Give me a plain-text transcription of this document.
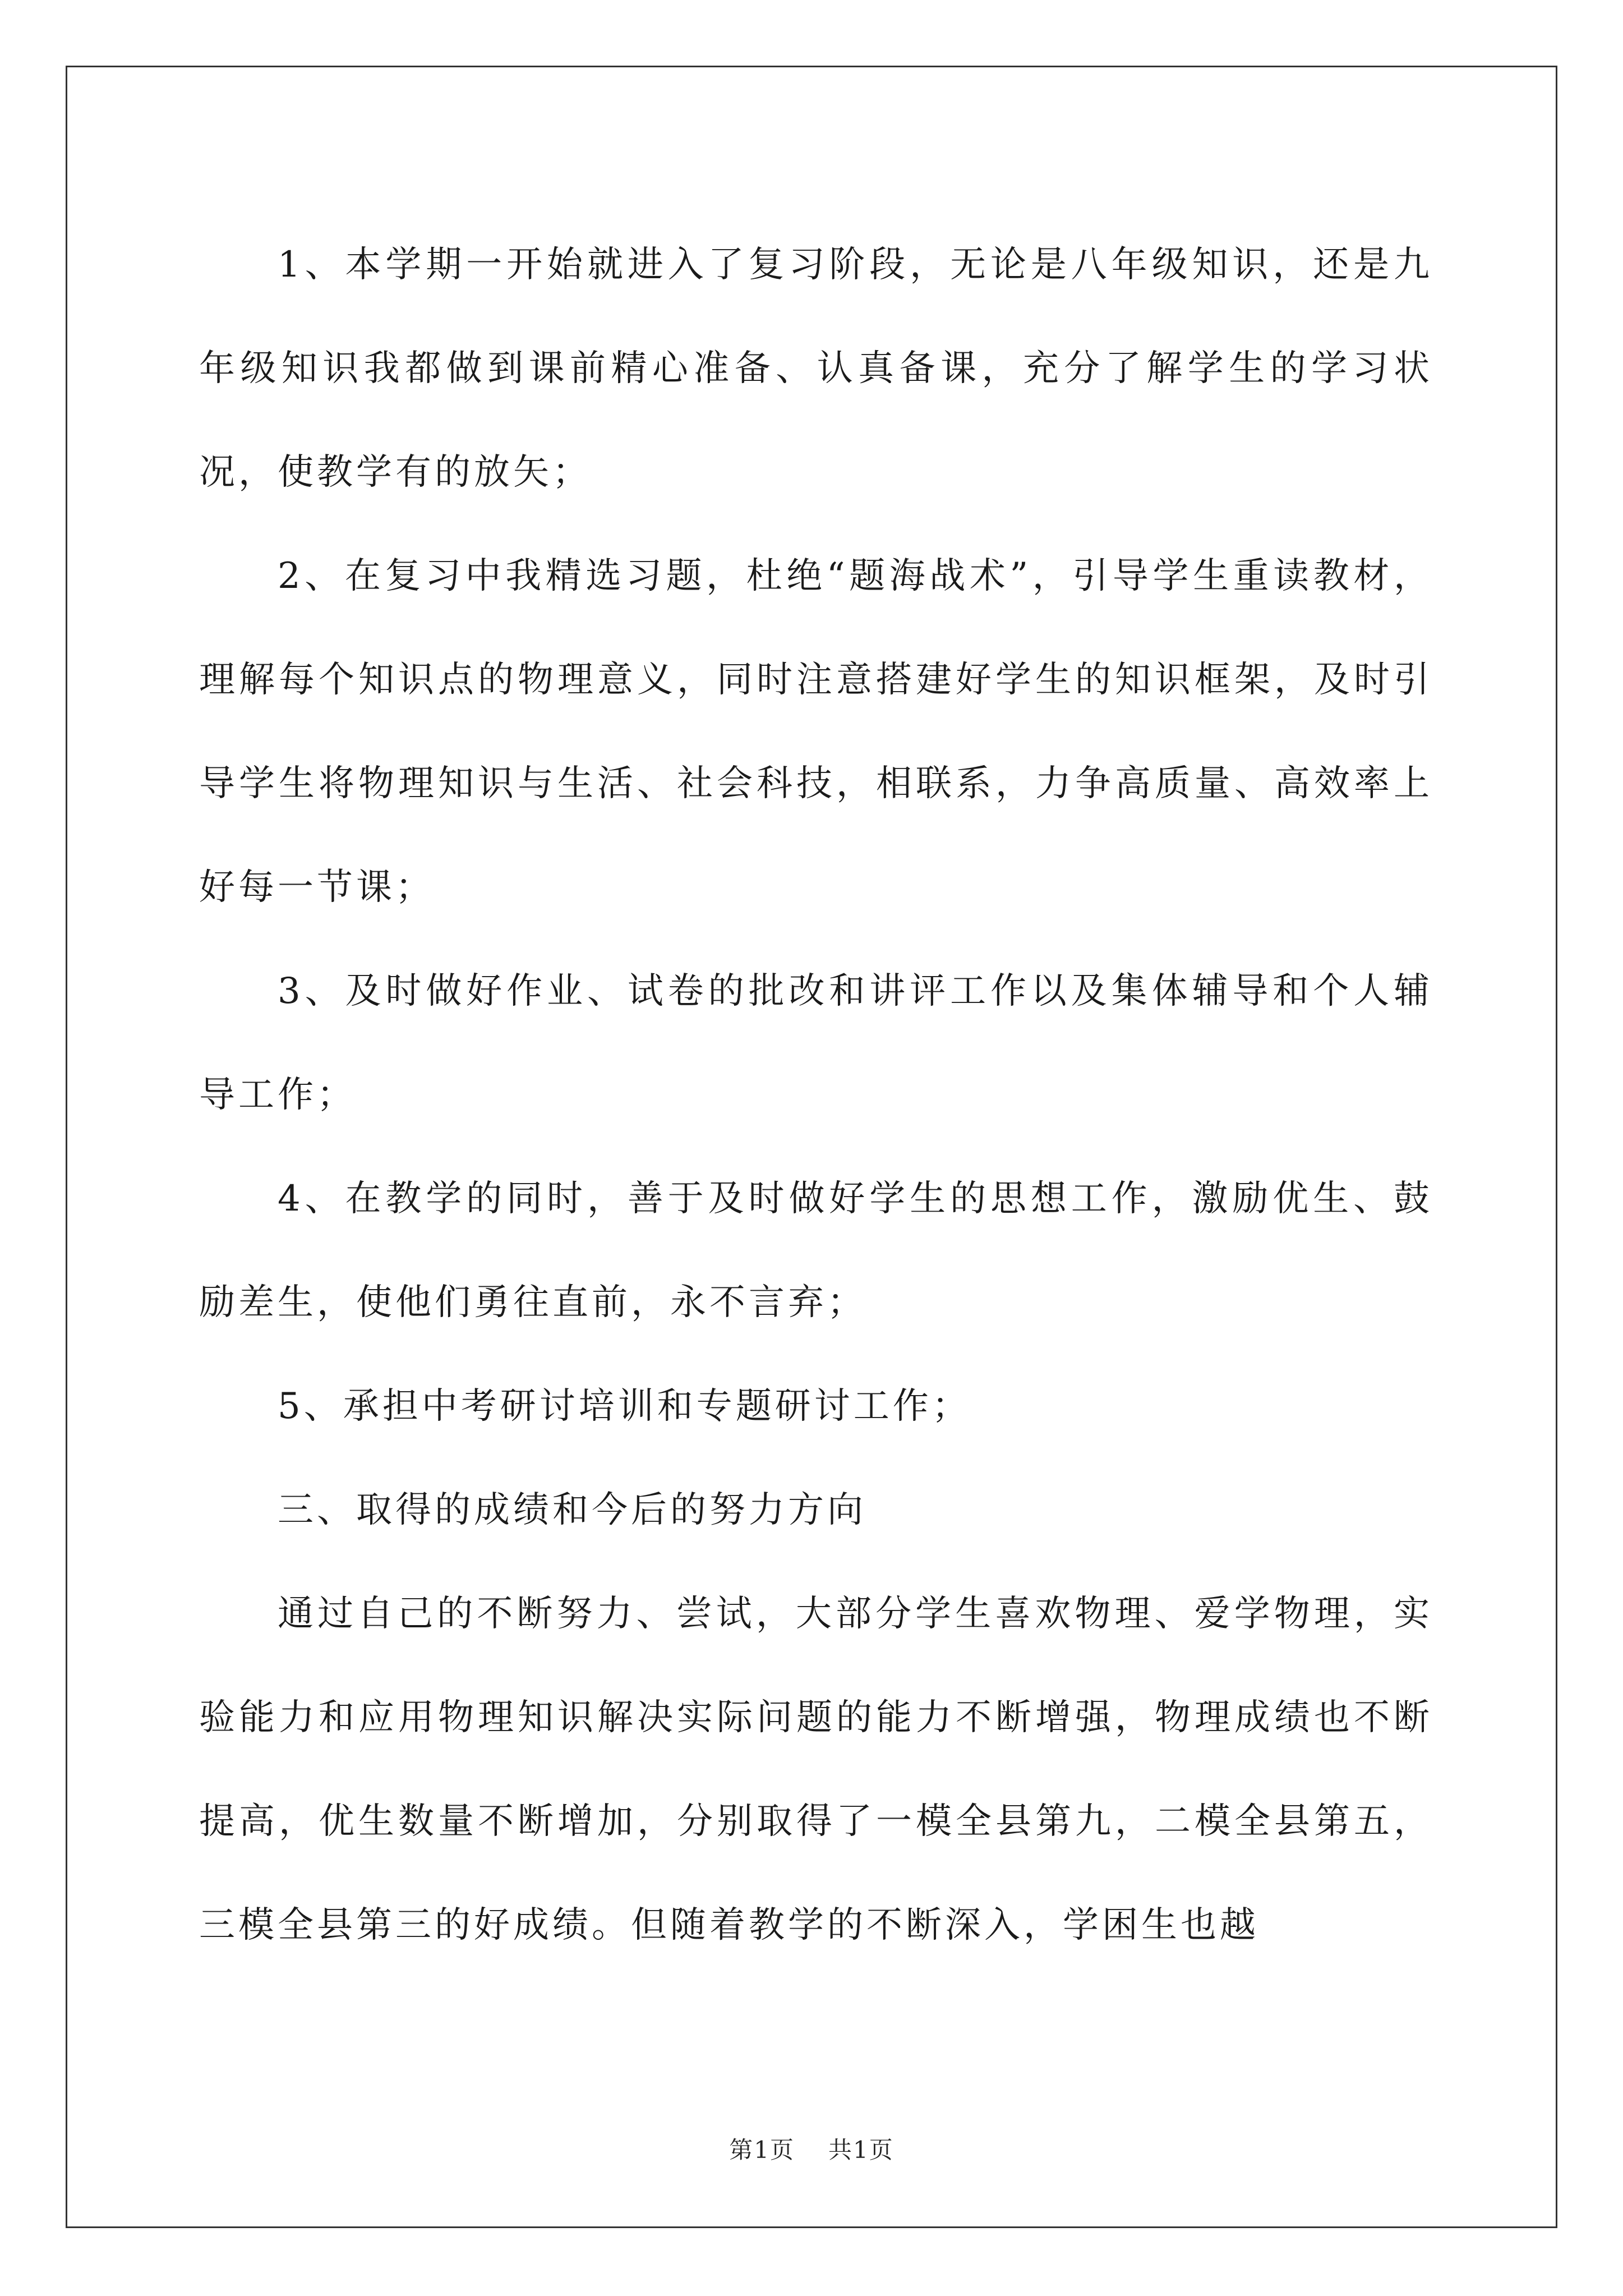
1、本学期一开始就进入了复习阶段，无论是八年级知识，还是九年级知识我都做到课前精心准备、认真备课，充分了解学生的学习状况，使教学有的放矢；

2、在复习中我精选习题，杜绝“题海战术”，引导学生重读教材，理解每个知识点的物理意义，同时注意搭建好学生的知识框架，及时引导学生将物理知识与生活、社会科技，相联系，力争高质量、高效率上好每一节课；

3、及时做好作业、试卷的批改和讲评工作以及集体辅导和个人辅导工作；

4、在教学的同时，善于及时做好学生的思想工作，激励优生、鼓励差生，使他们勇往直前，永不言弃；

5、承担中考研讨培训和专题研讨工作；

三、取得的成绩和今后的努力方向

通过自己的不断努力、尝试，大部分学生喜欢物理、爱学物理，实验能力和应用物理知识解决实际问题的能力不断增强，物理成绩也不断提高，优生数量不断增加，分别取得了一模全县第九，二模全县第五，三模全县第三的好成绩。但随着教学的不断深入，学困生也越

第1页 共1页
